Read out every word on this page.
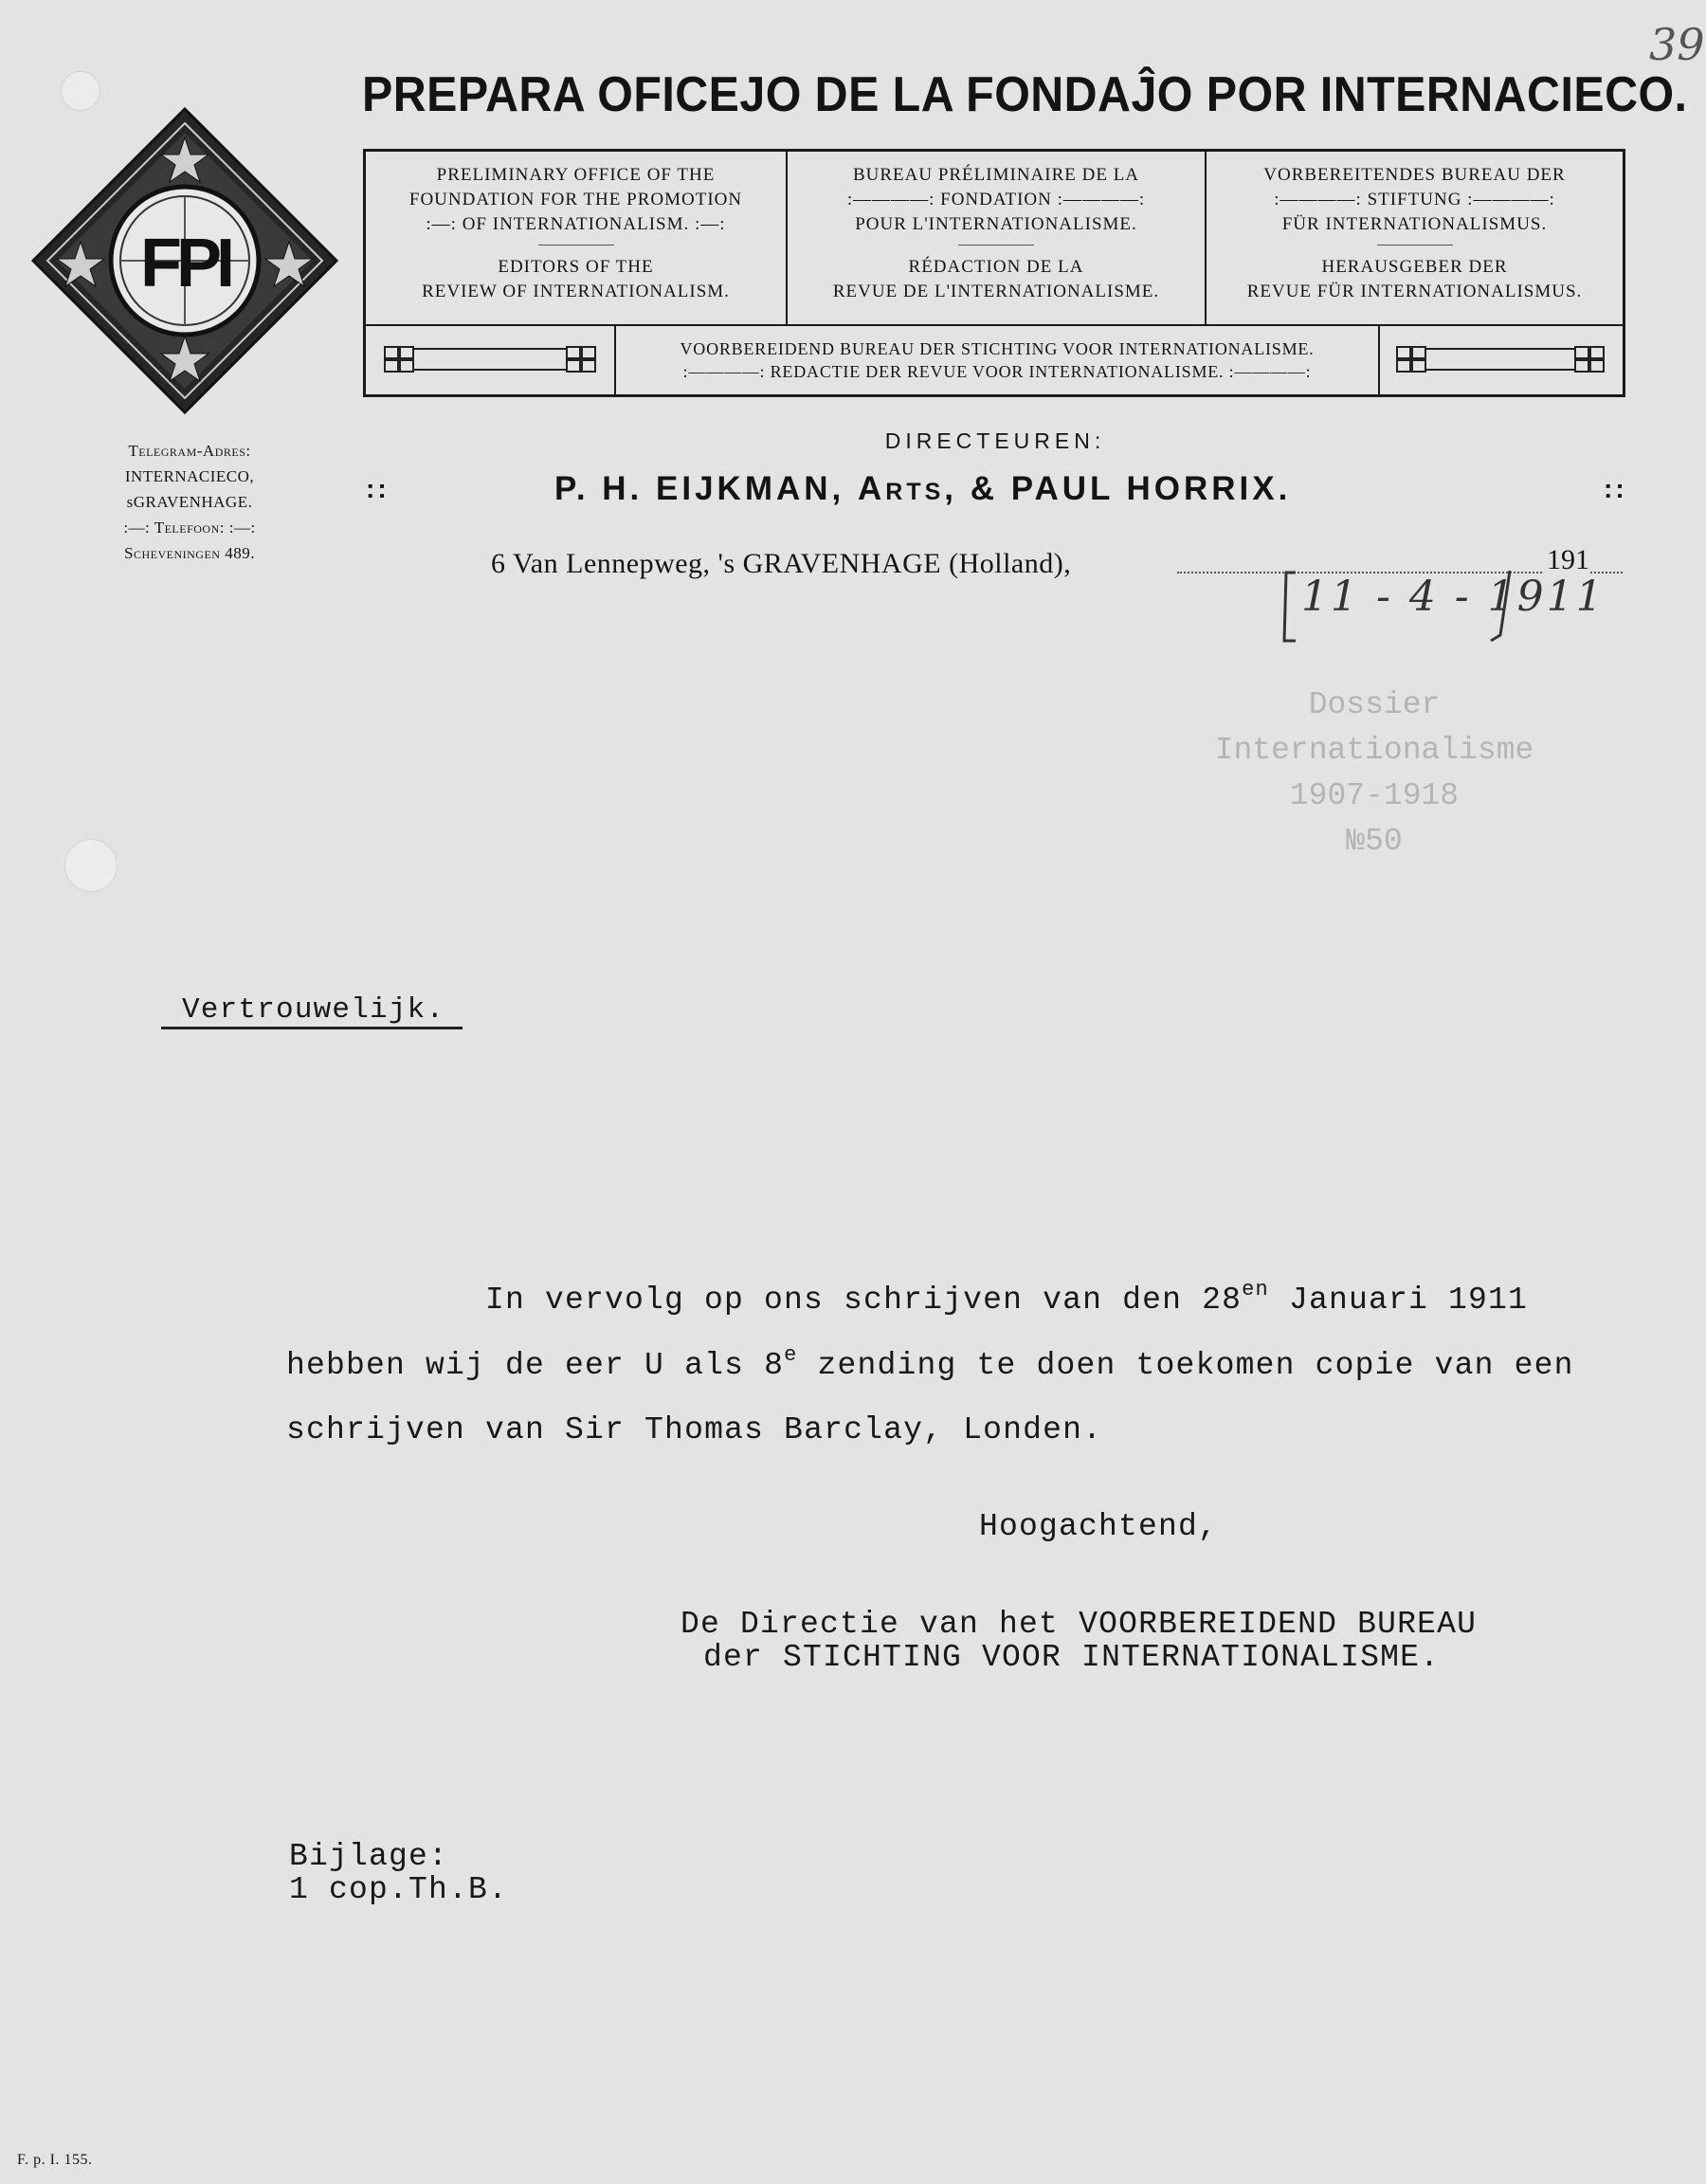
39
PREPARA OFICEJO DE LA FONDAĴO POR INTERNACIECO.
FPI
PRELIMINARY OFFICE OF THE
FOUNDATION FOR THE PROMOTION
:—: OF INTERNATIONALISM. :—:
EDITORS OF THE
REVIEW OF INTERNATIONALISM.
BUREAU PRÉLIMINAIRE DE LA
:————: FONDATION :————:
POUR L'INTERNATIONALISME.
RÉDACTION DE LA
REVUE DE L'INTERNATIONALISME.
VORBEREITENDES BUREAU DER
:————: STIFTUNG :————:
FÜR INTERNATIONALISMUS.
HERAUSGEBER DER
REVUE FÜR INTERNATIONALISMUS.
VOORBEREIDEND BUREAU DER STICHTING VOOR INTERNATIONALISME.
:————: REDACTIE DER REVUE VOOR INTERNATIONALISME. :————:
Telegram-Adres:
INTERNACIECO,
sGRAVENHAGE.
:—: Telefoon: :—:
Scheveningen 489.
DIRECTEUREN:
::	P. H. EIJKMAN, Arts, & PAUL HORRIX.	::
6 Van Lennepweg, 's GRAVENHAGE (Holland),	191
11 - 4 - 1911
Dossier
Internationalisme
1907-1918
№50
Vertrouwelijk.
In vervolg op ons schrijven van den $28^{en}$ Januari 1911
hebben wij de eer U als 8e zending te doen toekomen copie van een
schrijven van Sir Thomas Barclay, Londen.
Hoogachtend,
De Directie van het VOORBEREIDEND BUREAU
der STICHTING VOOR INTERNATIONALISME.
Bijlage:
1 cop.Th.B.
F. p. I. 155.
